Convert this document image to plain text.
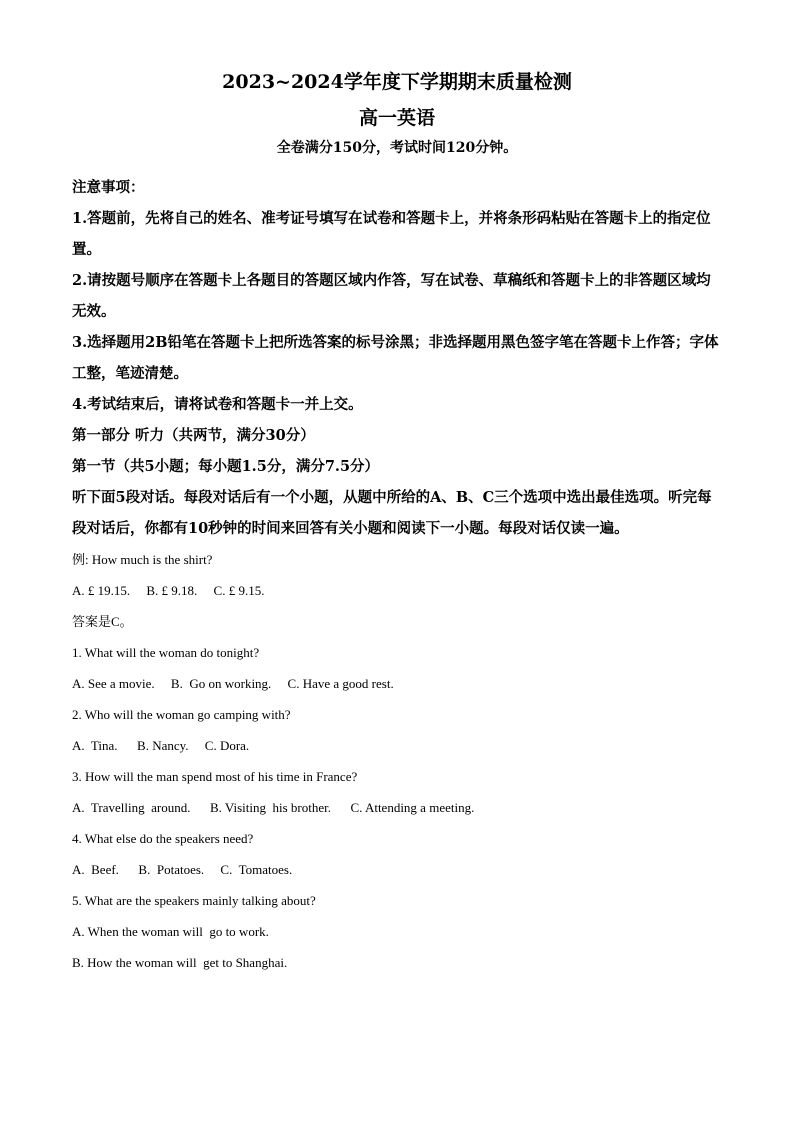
2023~2024学年度下学期期末质量检测
高一英语
全卷满分150分，考试时间120分钟。
注意事项：
1.答题前，先将自己的姓名、准考证号填写在试卷和答题卡上，并将条形码粘贴在答题卡上的指定位置。
2.请按题号顺序在答题卡上各题目的答题区域内作答，写在试卷、草稿纸和答题卡上的非答题区域均无效。
3.选择题用2B铅笔在答题卡上把所选答案的标号涂黑；非选择题用黑色签字笔在答题卡上作答；字体工整，笔迹清楚。
4.考试结束后，请将试卷和答题卡一并上交。
第一部分 听力（共两节，满分30分）
第一节（共5小题；每小题1.5分，满分7.5分）
听下面5段对话。每段对话后有一个小题，从题中所给的A、B、C三个选项中选出最佳选项。听完每段对话后，你都有10秒钟的时间来回答有关小题和阅读下一小题。每段对话仅读一遍。
例: How much is the shirt?
A. £ 19.15.     B. £ 9.18.     C. £ 9.15.
答案是C。
1. What will the woman do tonight?
A. See a movie.     B.  Go on working.     C. Have a good rest.
2. Who will the woman go camping with?
A.  Tina.      B. Nancy.     C. Dora.
3. How will the man spend most of his time in France?
A.  Travelling  around.      B. Visiting  his brother.      C. Attending a meeting.
4. What else do the speakers need?
A.  Beef.      B.  Potatoes.     C.  Tomatoes.
5. What are the speakers mainly talking about?
A. When the woman will  go to work.
B. How the woman will  get to Shanghai.
